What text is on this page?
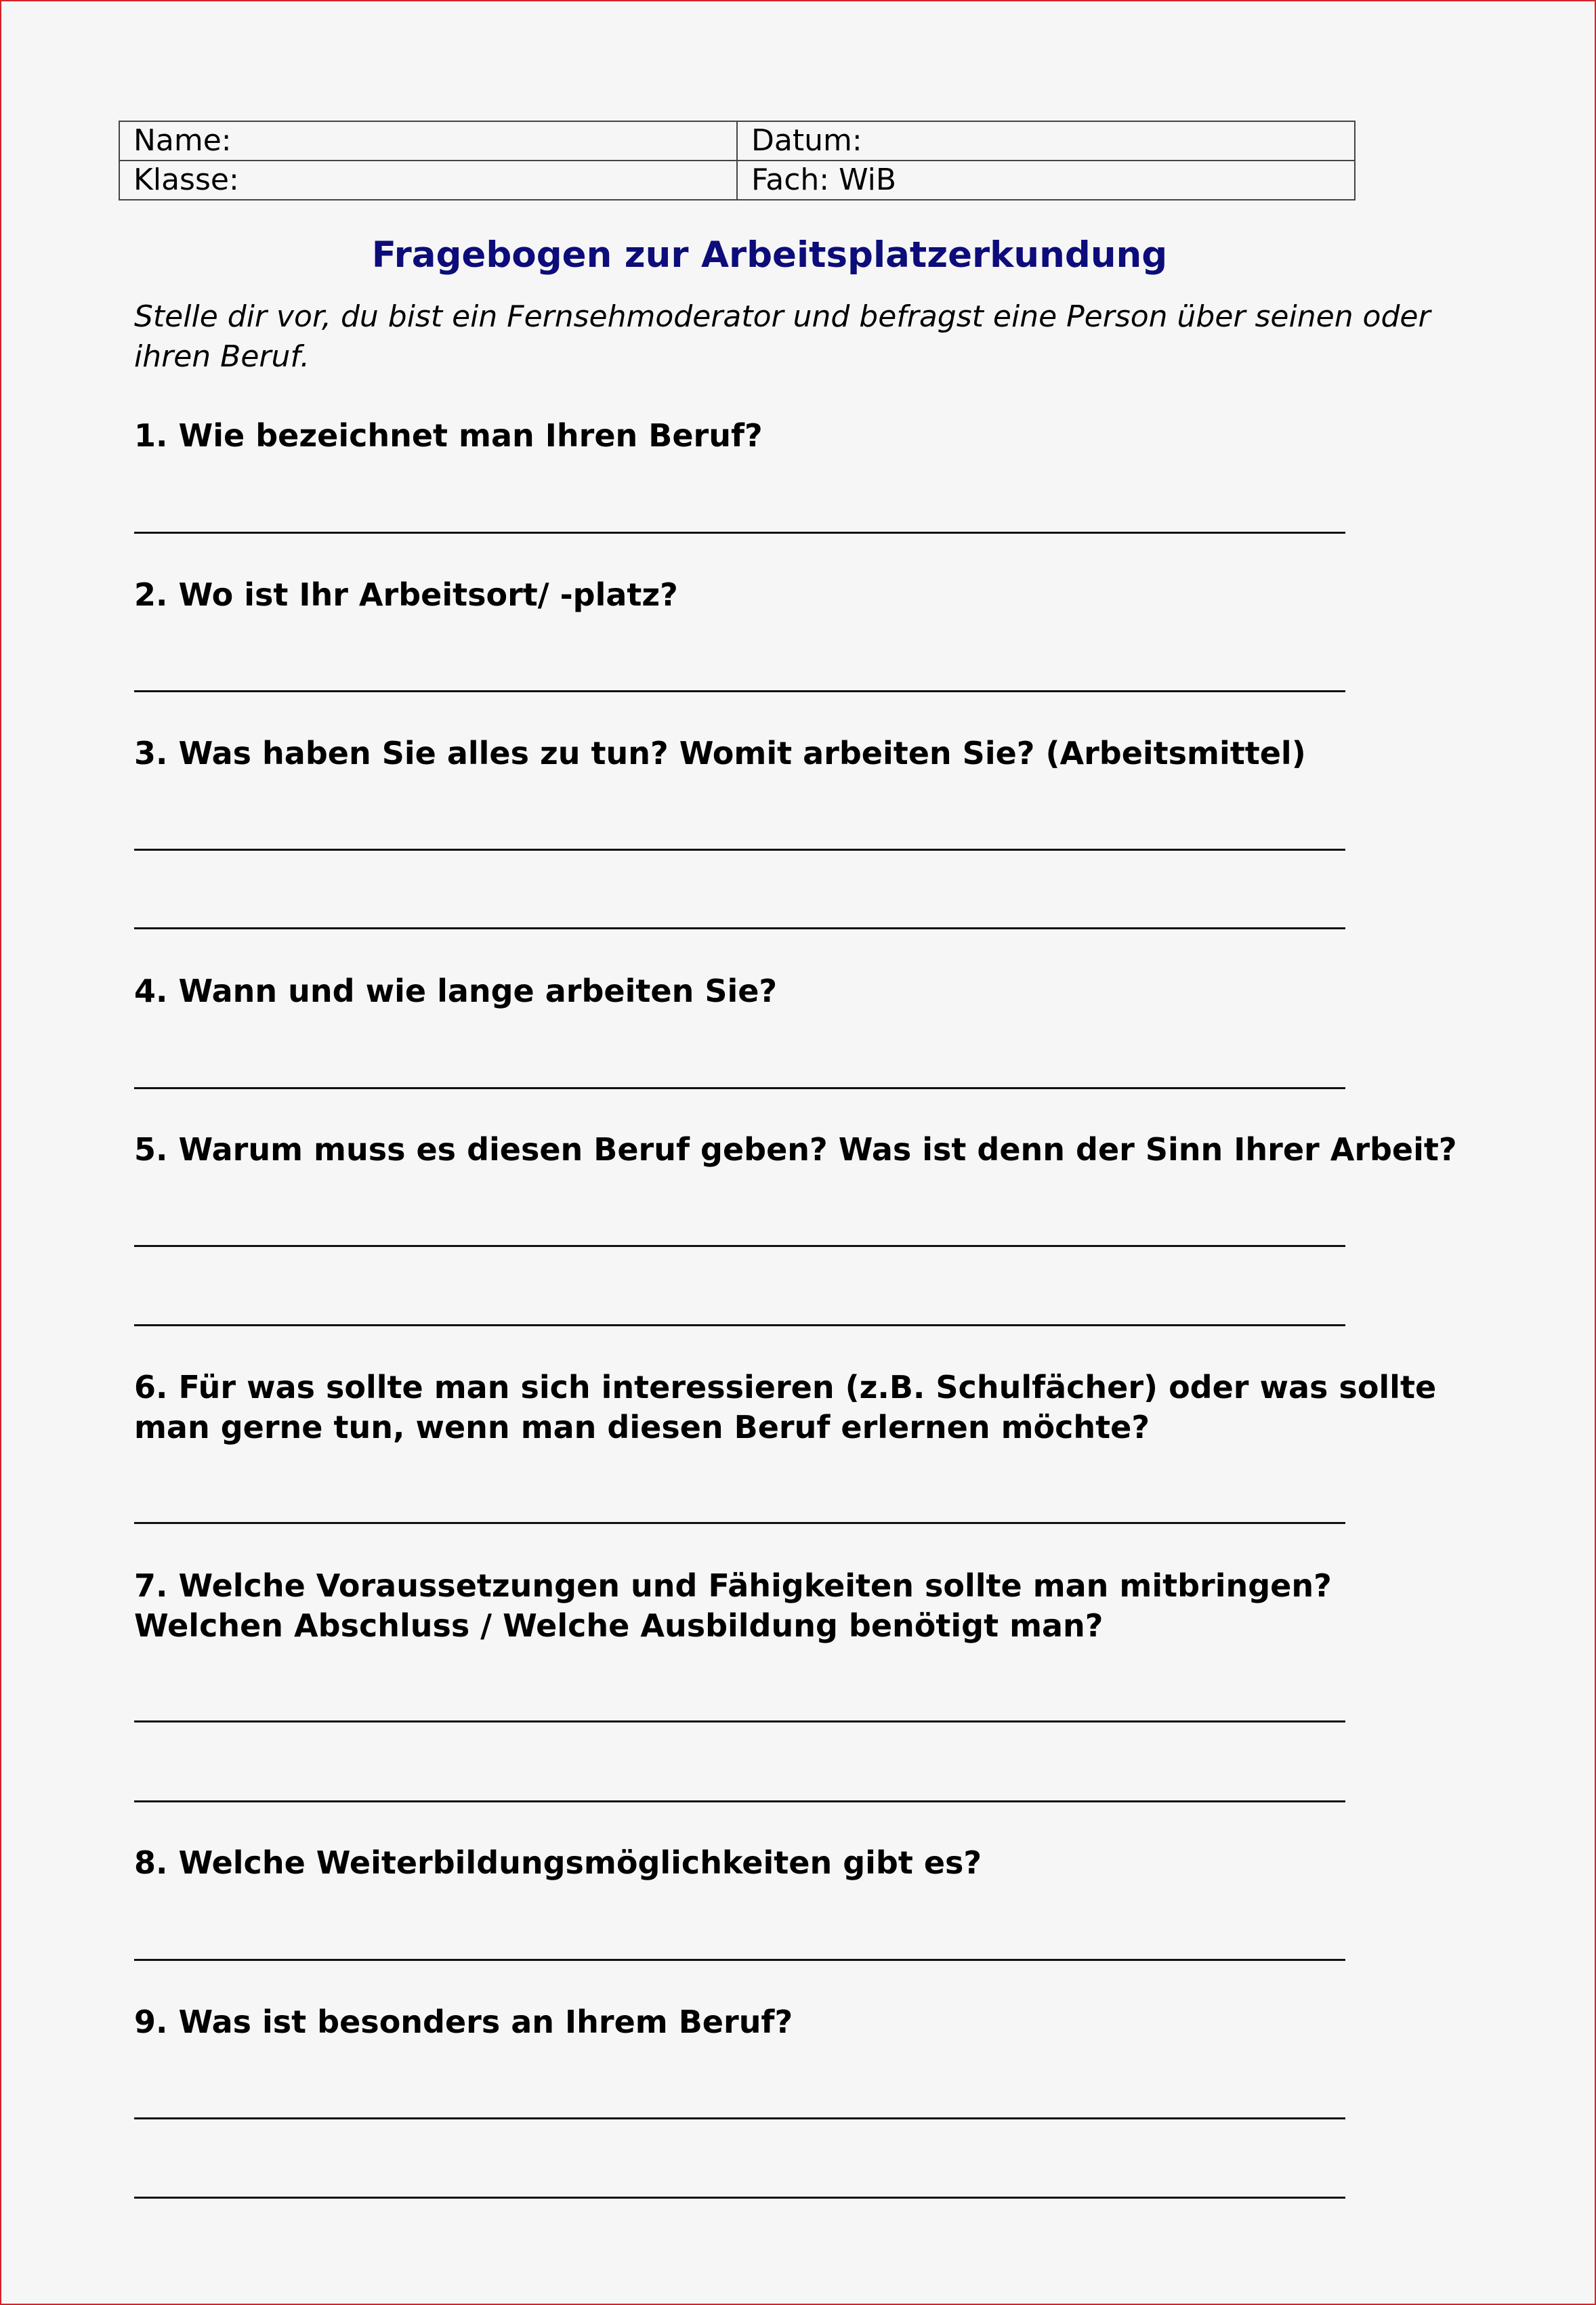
Name:	Datum:
Klasse:	Fach: WiB
Fragebogen zur Arbeitsplatzerkundung
Stelle dir vor, du bist ein Fernsehmoderator und befragst eine Person über seinen oder ihren Beruf.
1. Wie bezeichnet man Ihren Beruf?
2. Wo ist Ihr Arbeitsort/ -platz?
3. Was haben Sie alles zu tun? Womit arbeiten Sie? (Arbeitsmittel)
4. Wann und wie lange arbeiten Sie?
5. Warum muss es diesen Beruf geben? Was ist denn der Sinn Ihrer Arbeit?
6. Für was sollte man sich interessieren (z.B. Schulfächer) oder was sollte man gerne tun, wenn man diesen Beruf erlernen möchte?
7. Welche Voraussetzungen und Fähigkeiten sollte man mitbringen? Welchen Abschluss / Welche Ausbildung benötigt man?
8. Welche Weiterbildungsmöglichkeiten gibt es?
9. Was ist besonders an Ihrem Beruf?
